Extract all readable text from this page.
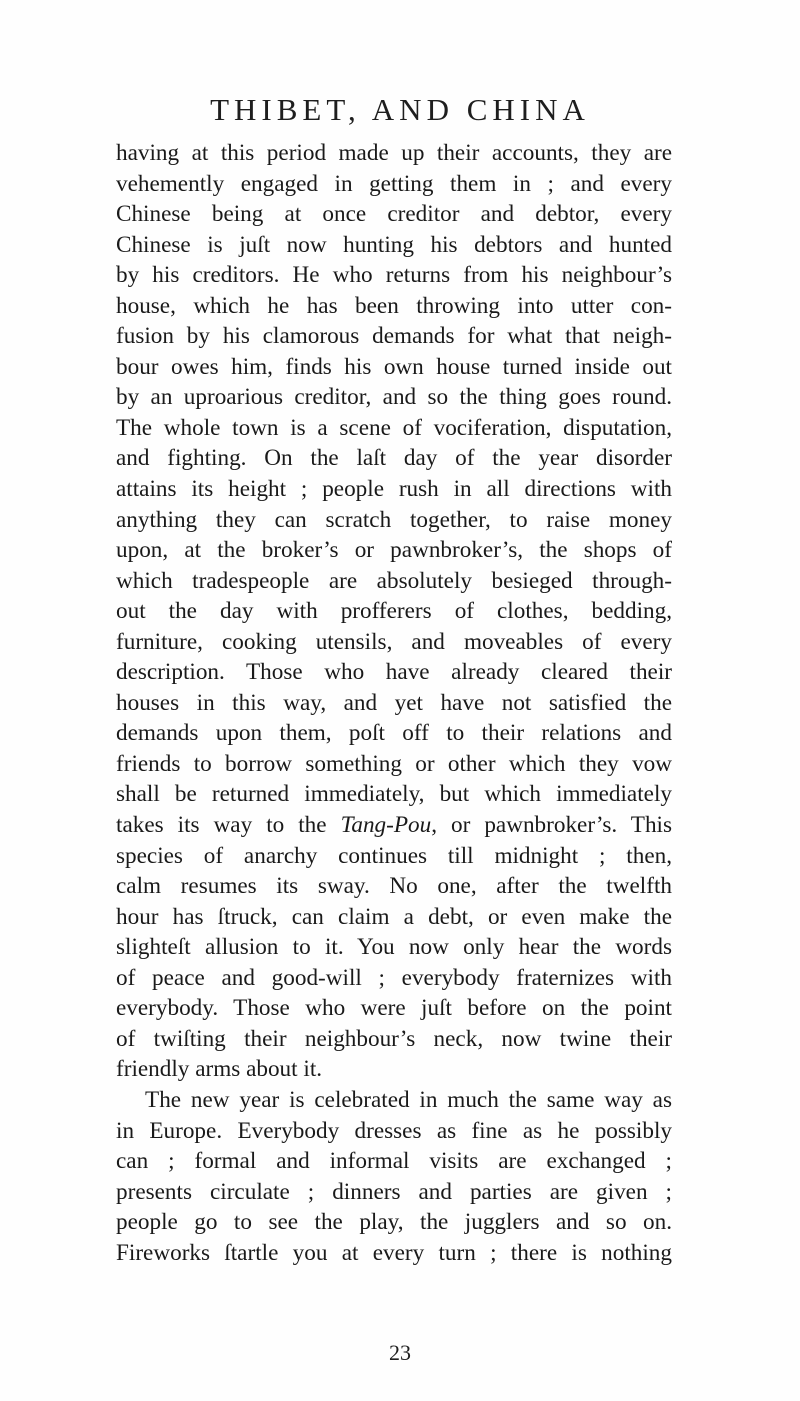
THIBET, AND CHINA
having at this period made up their accounts, they are
vehemently engaged in getting them in ; and every
Chinese being at once creditor and debtor, every
Chinese is juſt now hunting his debtors and hunted
by his creditors. He who returns from his neighbour’s
house, which he has been throwing into utter con-
fusion by his clamorous demands for what that neigh-
bour owes him, finds his own house turned inside out
by an uproarious creditor, and so the thing goes round.
The whole town is a scene of vociferation, disputation,
and fighting. On the laſt day of the year disorder
attains its height ; people rush in all directions with
anything they can scratch together, to raise money
upon, at the broker’s or pawnbroker’s, the shops of
which tradespeople are absolutely besieged through-
out the day with profferers of clothes, bedding,
furniture, cooking utensils, and moveables of every
description. Those who have already cleared their
houses in this way, and yet have not satisfied the
demands upon them, poſt off to their relations and
friends to borrow something or other which they vow
shall be returned immediately, but which immediately
takes its way to the Tang-Pou, or pawnbroker’s. This
species of anarchy continues till midnight ; then,
calm resumes its sway. No one, after the twelfth
hour has ſtruck, can claim a debt, or even make the
slighteſt allusion to it. You now only hear the words
of peace and good-will ; everybody fraternizes with
everybody. Those who were juſt before on the point
of twiſting their neighbour’s neck, now twine their
friendly arms about it.
The new year is celebrated in much the same way as
in Europe. Everybody dresses as fine as he possibly
can ; formal and informal visits are exchanged ;
presents circulate ; dinners and parties are given ;
people go to see the play, the jugglers and so on.
Fireworks ſtartle you at every turn ; there is nothing
23
